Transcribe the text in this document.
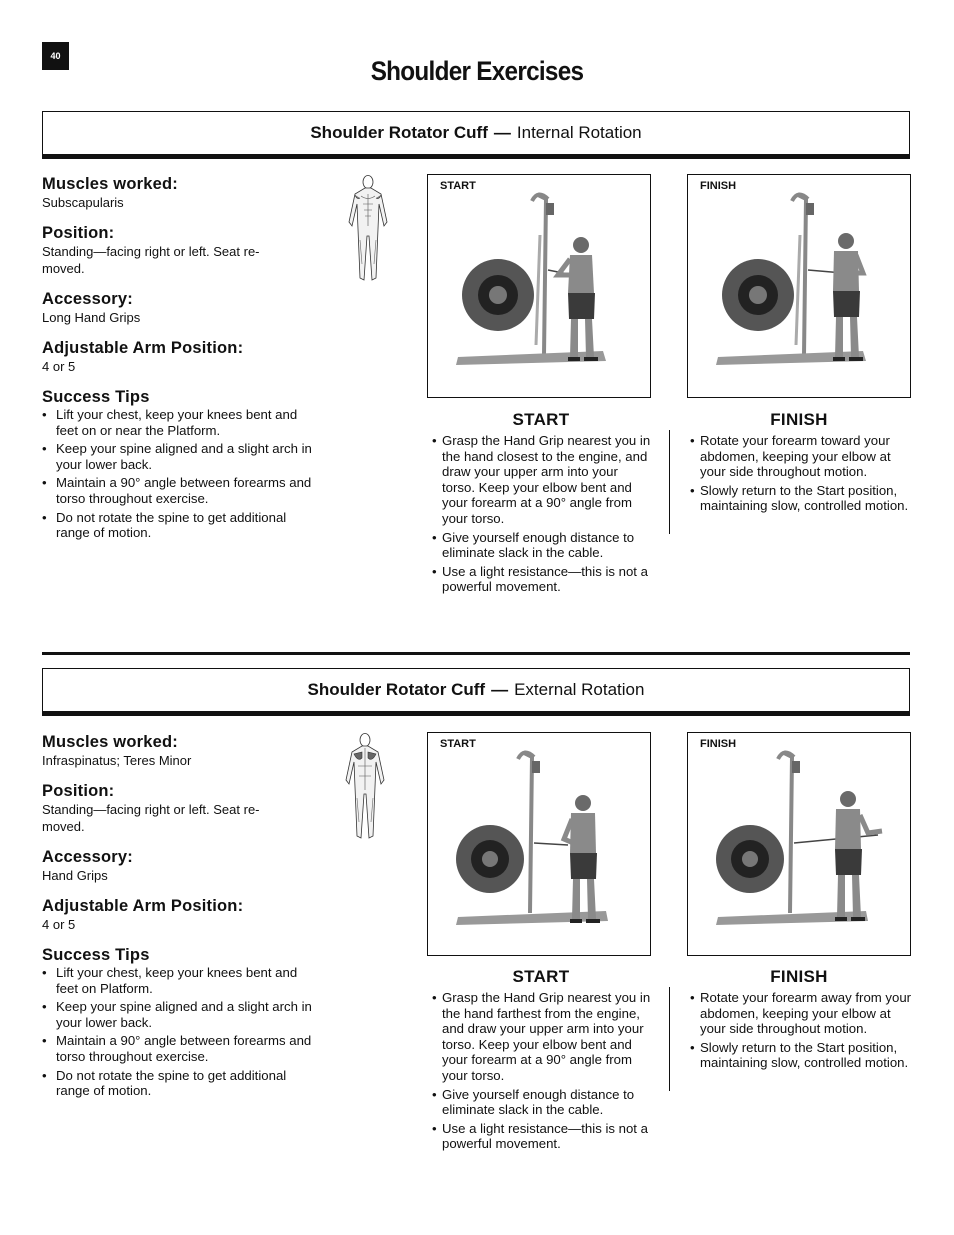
40	Shoulder Exercises
Shoulder Rotator Cuff — Internal Rotation
Muscles worked:
Subscapularis
Position:
Standing—facing right or left. Seat re-moved.
Accessory:
Long Hand Grips
Adjustable Arm Position:
4 or 5
Success Tips
• Lift your chest, keep your knees bent and feet on or near the Platform.
• Keep your spine aligned and a slight arch in your lower back.
• Maintain a 90° angle between forearms and torso throughout exercise.
• Do not rotate the spine to get additional range of motion.
START	FINISH
START
• Grasp the Hand Grip nearest you in the hand closest to the engine, and draw your upper arm into your torso. Keep your elbow bent and your forearm at a 90° angle from your torso.
• Give yourself enough distance to eliminate slack in the cable.
• Use a light resistance—this is not a powerful movement.
FINISH
• Rotate your forearm toward your abdomen, keeping your elbow at your side throughout motion.
• Slowly return to the Start position, maintaining slow, controlled motion.
Shoulder Rotator Cuff — External Rotation
Muscles worked:
Infraspinatus; Teres Minor
Position:
Standing—facing right or left. Seat re-moved.
Accessory:
Hand Grips
Adjustable Arm Position:
4 or 5
Success Tips
• Lift your chest, keep your knees bent and feet on Platform.
• Keep your spine aligned and a slight arch in your lower back.
• Maintain a 90° angle between forearms and torso throughout exercise.
• Do not rotate the spine to get additional range of motion.
START	FINISH
START
• Grasp the Hand Grip nearest you in the hand farthest from the engine, and draw your upper arm into your torso. Keep your elbow bent and your forearm at a 90° angle from your torso.
• Give yourself enough distance to eliminate slack in the cable.
• Use a light resistance—this is not a powerful movement.
FINISH
• Rotate your forearm away from your abdomen, keeping your elbow at your side throughout motion.
• Slowly return to the Start position, maintaining slow, controlled motion.
